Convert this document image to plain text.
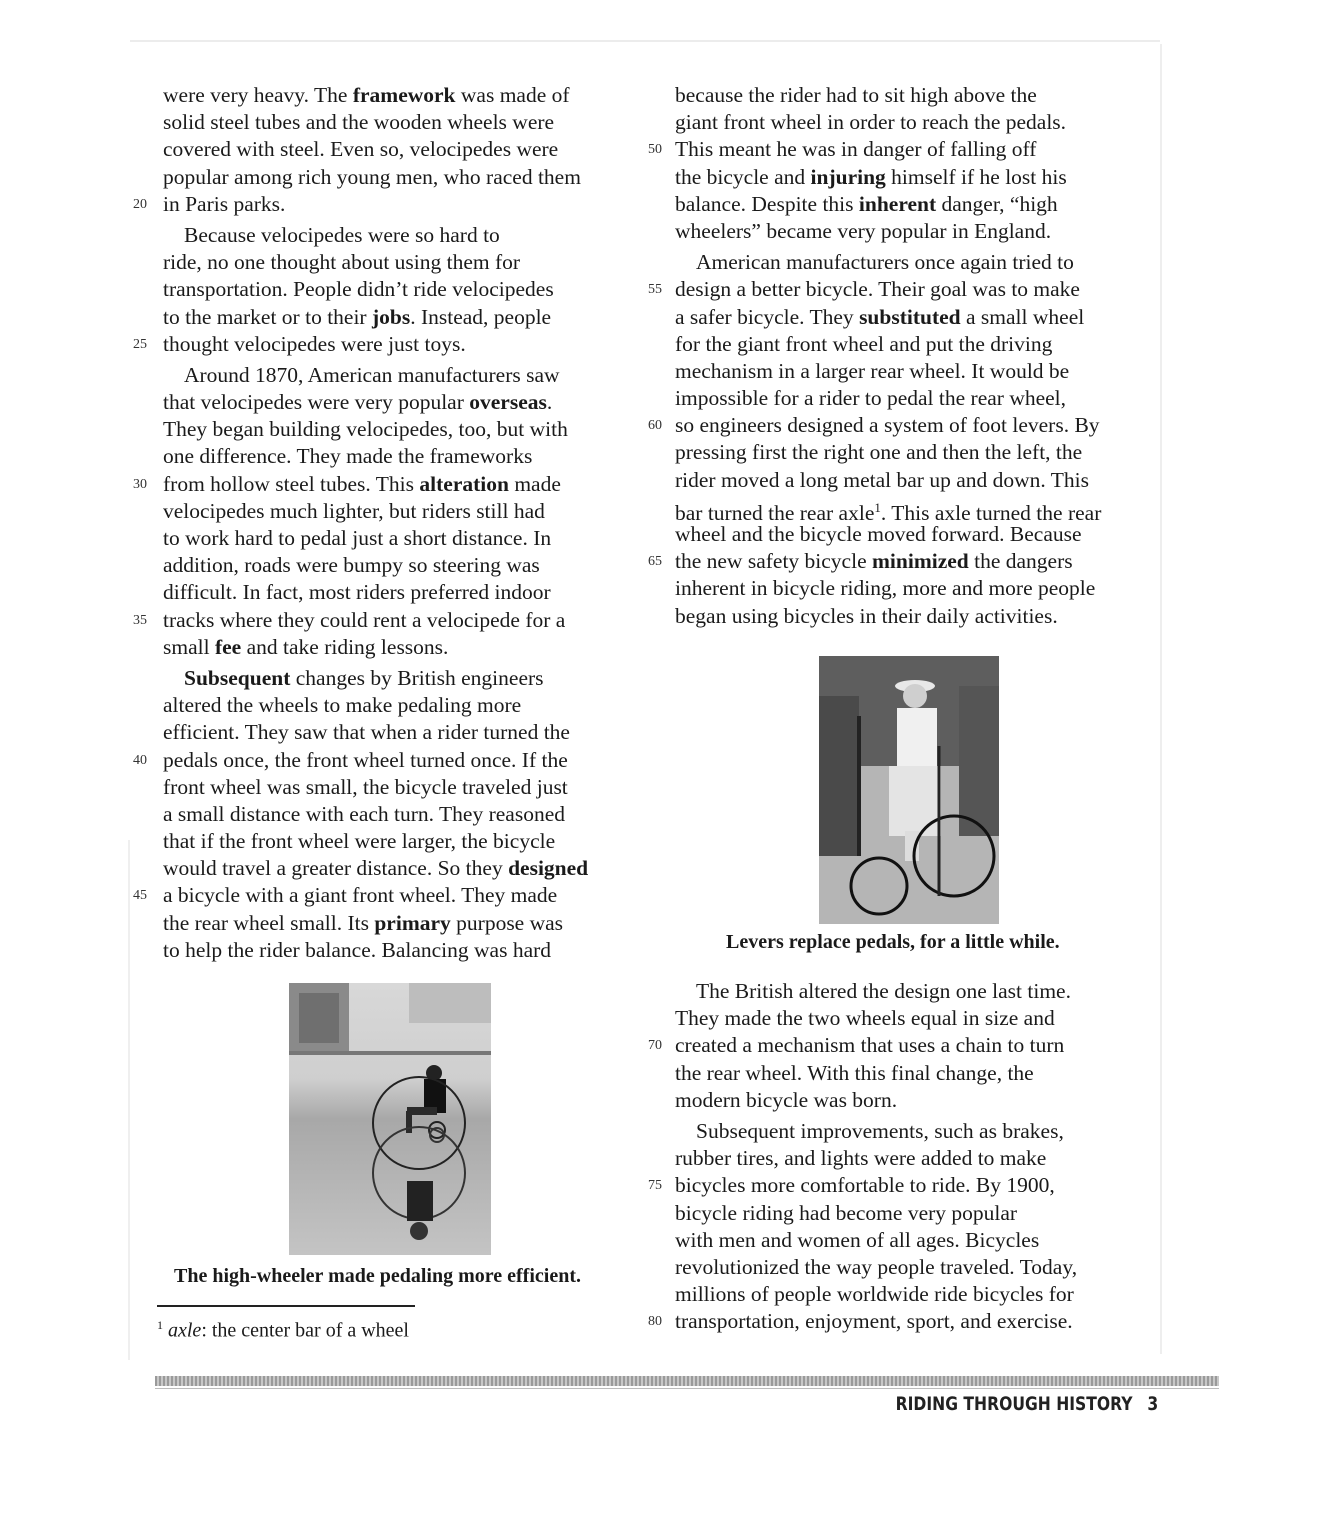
were very heavy. The framework was made of
solid steel tubes and the wooden wheels were
covered with steel. Even so, velocipedes were
popular among rich young men, who raced them
20 in Paris parks.
Because velocipedes were so hard to
ride, no one thought about using them for
transportation. People didn’t ride velocipedes
to the market or to their jobs. Instead, people
25 thought velocipedes were just toys.
Around 1870, American manufacturers saw
that velocipedes were very popular overseas.
They began building velocipedes, too, but with
one difference. They made the frameworks
30 from hollow steel tubes. This alteration made
velocipedes much lighter, but riders still had
to work hard to pedal just a short distance. In
addition, roads were bumpy so steering was
difficult. In fact, most riders preferred indoor
35 tracks where they could rent a velocipede for a
small fee and take riding lessons.
Subsequent changes by British engineers
altered the wheels to make pedaling more
efficient. They saw that when a rider turned the
40 pedals once, the front wheel turned once. If the
front wheel was small, the bicycle traveled just
a small distance with each turn. They reasoned
that if the front wheel were larger, the bicycle
would travel a greater distance. So they designed
45 a bicycle with a giant front wheel. They made
the rear wheel small. Its primary purpose was
to help the rider balance. Balancing was hard
because the rider had to sit high above the
giant front wheel in order to reach the pedals.
50 This meant he was in danger of falling off
the bicycle and injuring himself if he lost his
balance. Despite this inherent danger, “high
wheelers” became very popular in England.
American manufacturers once again tried to
55 design a better bicycle. Their goal was to make
a safer bicycle. They substituted a small wheel
for the giant front wheel and put the driving
mechanism in a larger rear wheel. It would be
impossible for a rider to pedal the rear wheel,
60 so engineers designed a system of foot levers. By
pressing first the right one and then the left, the
rider moved a long metal bar up and down. This
bar turned the rear axle$^1$. This axle turned the rear
wheel and the bicycle moved forward. Because
65 the new safety bicycle minimized the dangers
inherent in bicycle riding, more and more people
began using bicycles in their daily activities.
The British altered the design one last time.
They made the two wheels equal in size and
70 created a mechanism that uses a chain to turn
the rear wheel. With this final change, the
modern bicycle was born.
Subsequent improvements, such as brakes,
rubber tires, and lights were added to make
75 bicycles more comfortable to ride. By 1900,
bicycle riding had become very popular
with men and women of all ages. Bicycles
revolutionized the way people traveled. Today,
millions of people worldwide ride bicycles for
80 transportation, enjoyment, sport, and exercise.
The high-wheeler made pedaling more efficient.
Levers replace pedals, for a little while.
$^1$ axle: the center bar of a wheel
RIDING THROUGH HISTORY 3
